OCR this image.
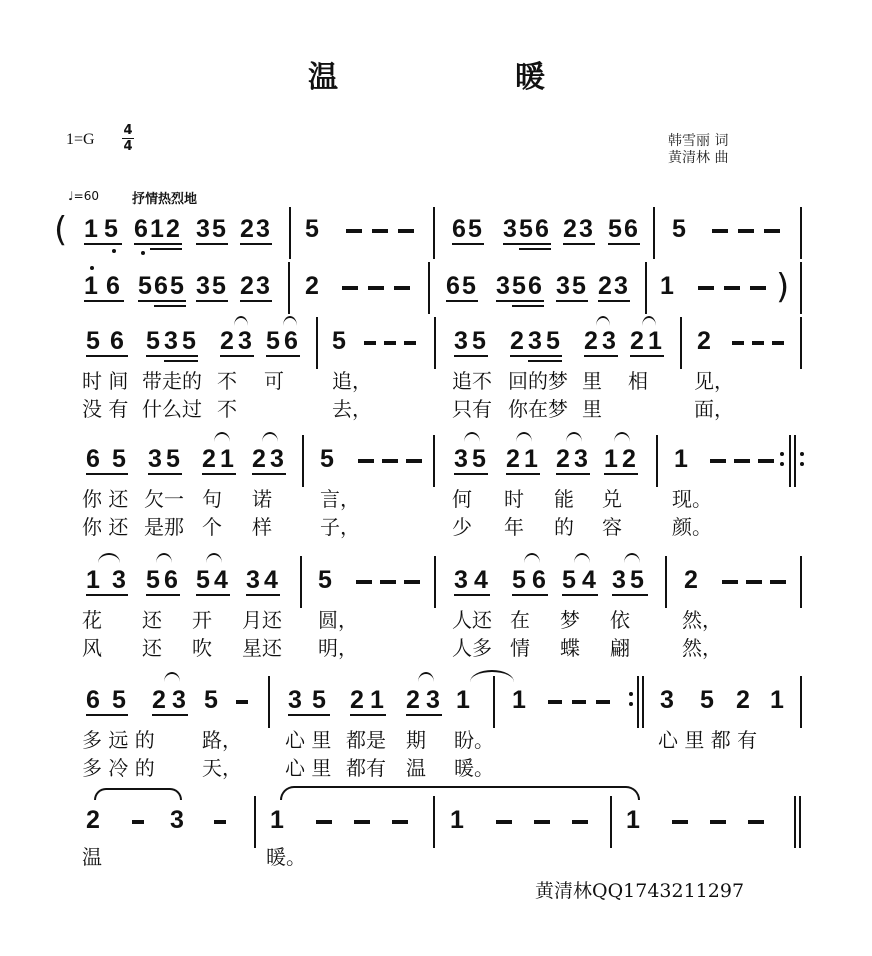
温	暖
1=G
4
4	韩雪丽 词
黄清林 曲
♩=60	抒情热烈地
( 1 5 6 1 2 3 5 2 3 5	6 5 3 5 6 2 3 5 6 5
1 6 5 6 5 3 5 2 3 2	6 5 3 5 6 3 5 2 3 1	)
5 6 5 3 5 2 3 5 6 5	3 5 2 3 5 2 3 2 1 2
时 间 带走的 不 可 追，	追不 回的梦 里 相 见，
没 有 什么过 不	去，	只有 你在梦 里	面，
6 5 3 5 2 1 2 3 5	3 5 2 1 2 3 1 2 1
你 还 欠一 句 诺 言，	何 时 能 兑	现。
你 还 是那 个 样 子，	少 年 的 容	颜。
1 3 5 6 5 4 3 4 5	3 4 5 6 5 4 3 5 2
花 还 开 月还 圆，	人还 在 梦 依	然，
风 还 吹 星还 明，	人多 情 蝶 翩	然，
6 5 2 3 5	3 5 2 1 2 3 1 1	3 5 2 1
多 远 的 路， 心 里 都是 期 盼。	心 里 都 有
多 冷 的 天， 心 里 都有 温 暖。
2	3	1	1	1
温	暖。
黄清林QQ1743211297
